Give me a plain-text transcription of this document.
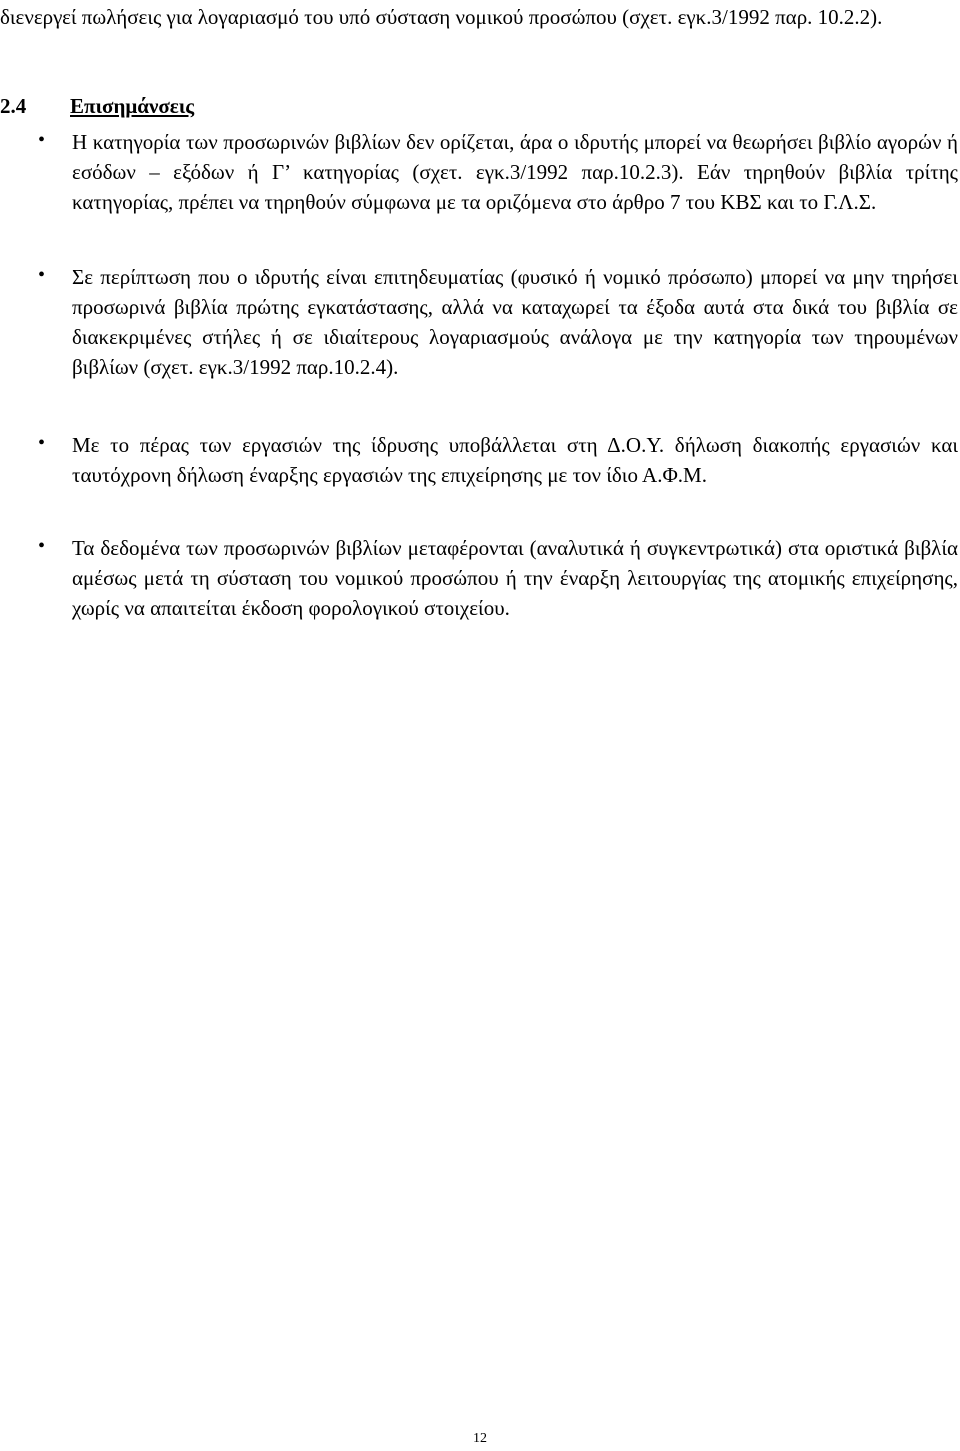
διενεργεί πωλήσεις για λογαριασμό του υπό σύσταση νομικού προσώπου (σχετ. εγκ.3/1992 παρ. 10.2.2).

2.4 Επισημάνσεις
• Η κατηγορία των προσωρινών βιβλίων δεν ορίζεται, άρα ο ιδρυτής μπορεί να θεωρήσει βιβλίο αγορών ή εσόδων – εξόδων ή Γ’ κατηγορίας (σχετ. εγκ.3/1992 παρ.10.2.3). Εάν τηρηθούν βιβλία τρίτης κατηγορίας, πρέπει να τηρηθούν σύμφωνα με τα οριζόμενα στο άρθρο 7 του ΚΒΣ και το Γ.Λ.Σ.

• Σε περίπτωση που ο ιδρυτής είναι επιτηδευματίας (φυσικό ή νομικό πρόσωπο) μπορεί να μην τηρήσει προσωρινά βιβλία πρώτης εγκατάστασης, αλλά να καταχωρεί τα έξοδα αυτά στα δικά του βιβλία σε διακεκριμένες στήλες ή σε ιδιαίτερους λογαριασμούς ανάλογα με την κατηγορία των τηρουμένων βιβλίων (σχετ. εγκ.3/1992 παρ.10.2.4).

• Με το πέρας των εργασιών της ίδρυσης υποβάλλεται στη Δ.Ο.Υ. δήλωση διακοπής εργασιών και ταυτόχρονη δήλωση έναρξης εργασιών της επιχείρησης με τον ίδιο Α.Φ.Μ.

• Τα δεδομένα των προσωρινών βιβλίων μεταφέρονται (αναλυτικά ή συγκεντρωτικά) στα οριστικά βιβλία αμέσως μετά τη σύσταση του νομικού προσώπου ή την έναρξη λειτουργίας της ατομικής επιχείρησης, χωρίς να απαιτείται έκδοση φορολογικού στοιχείου.

12
